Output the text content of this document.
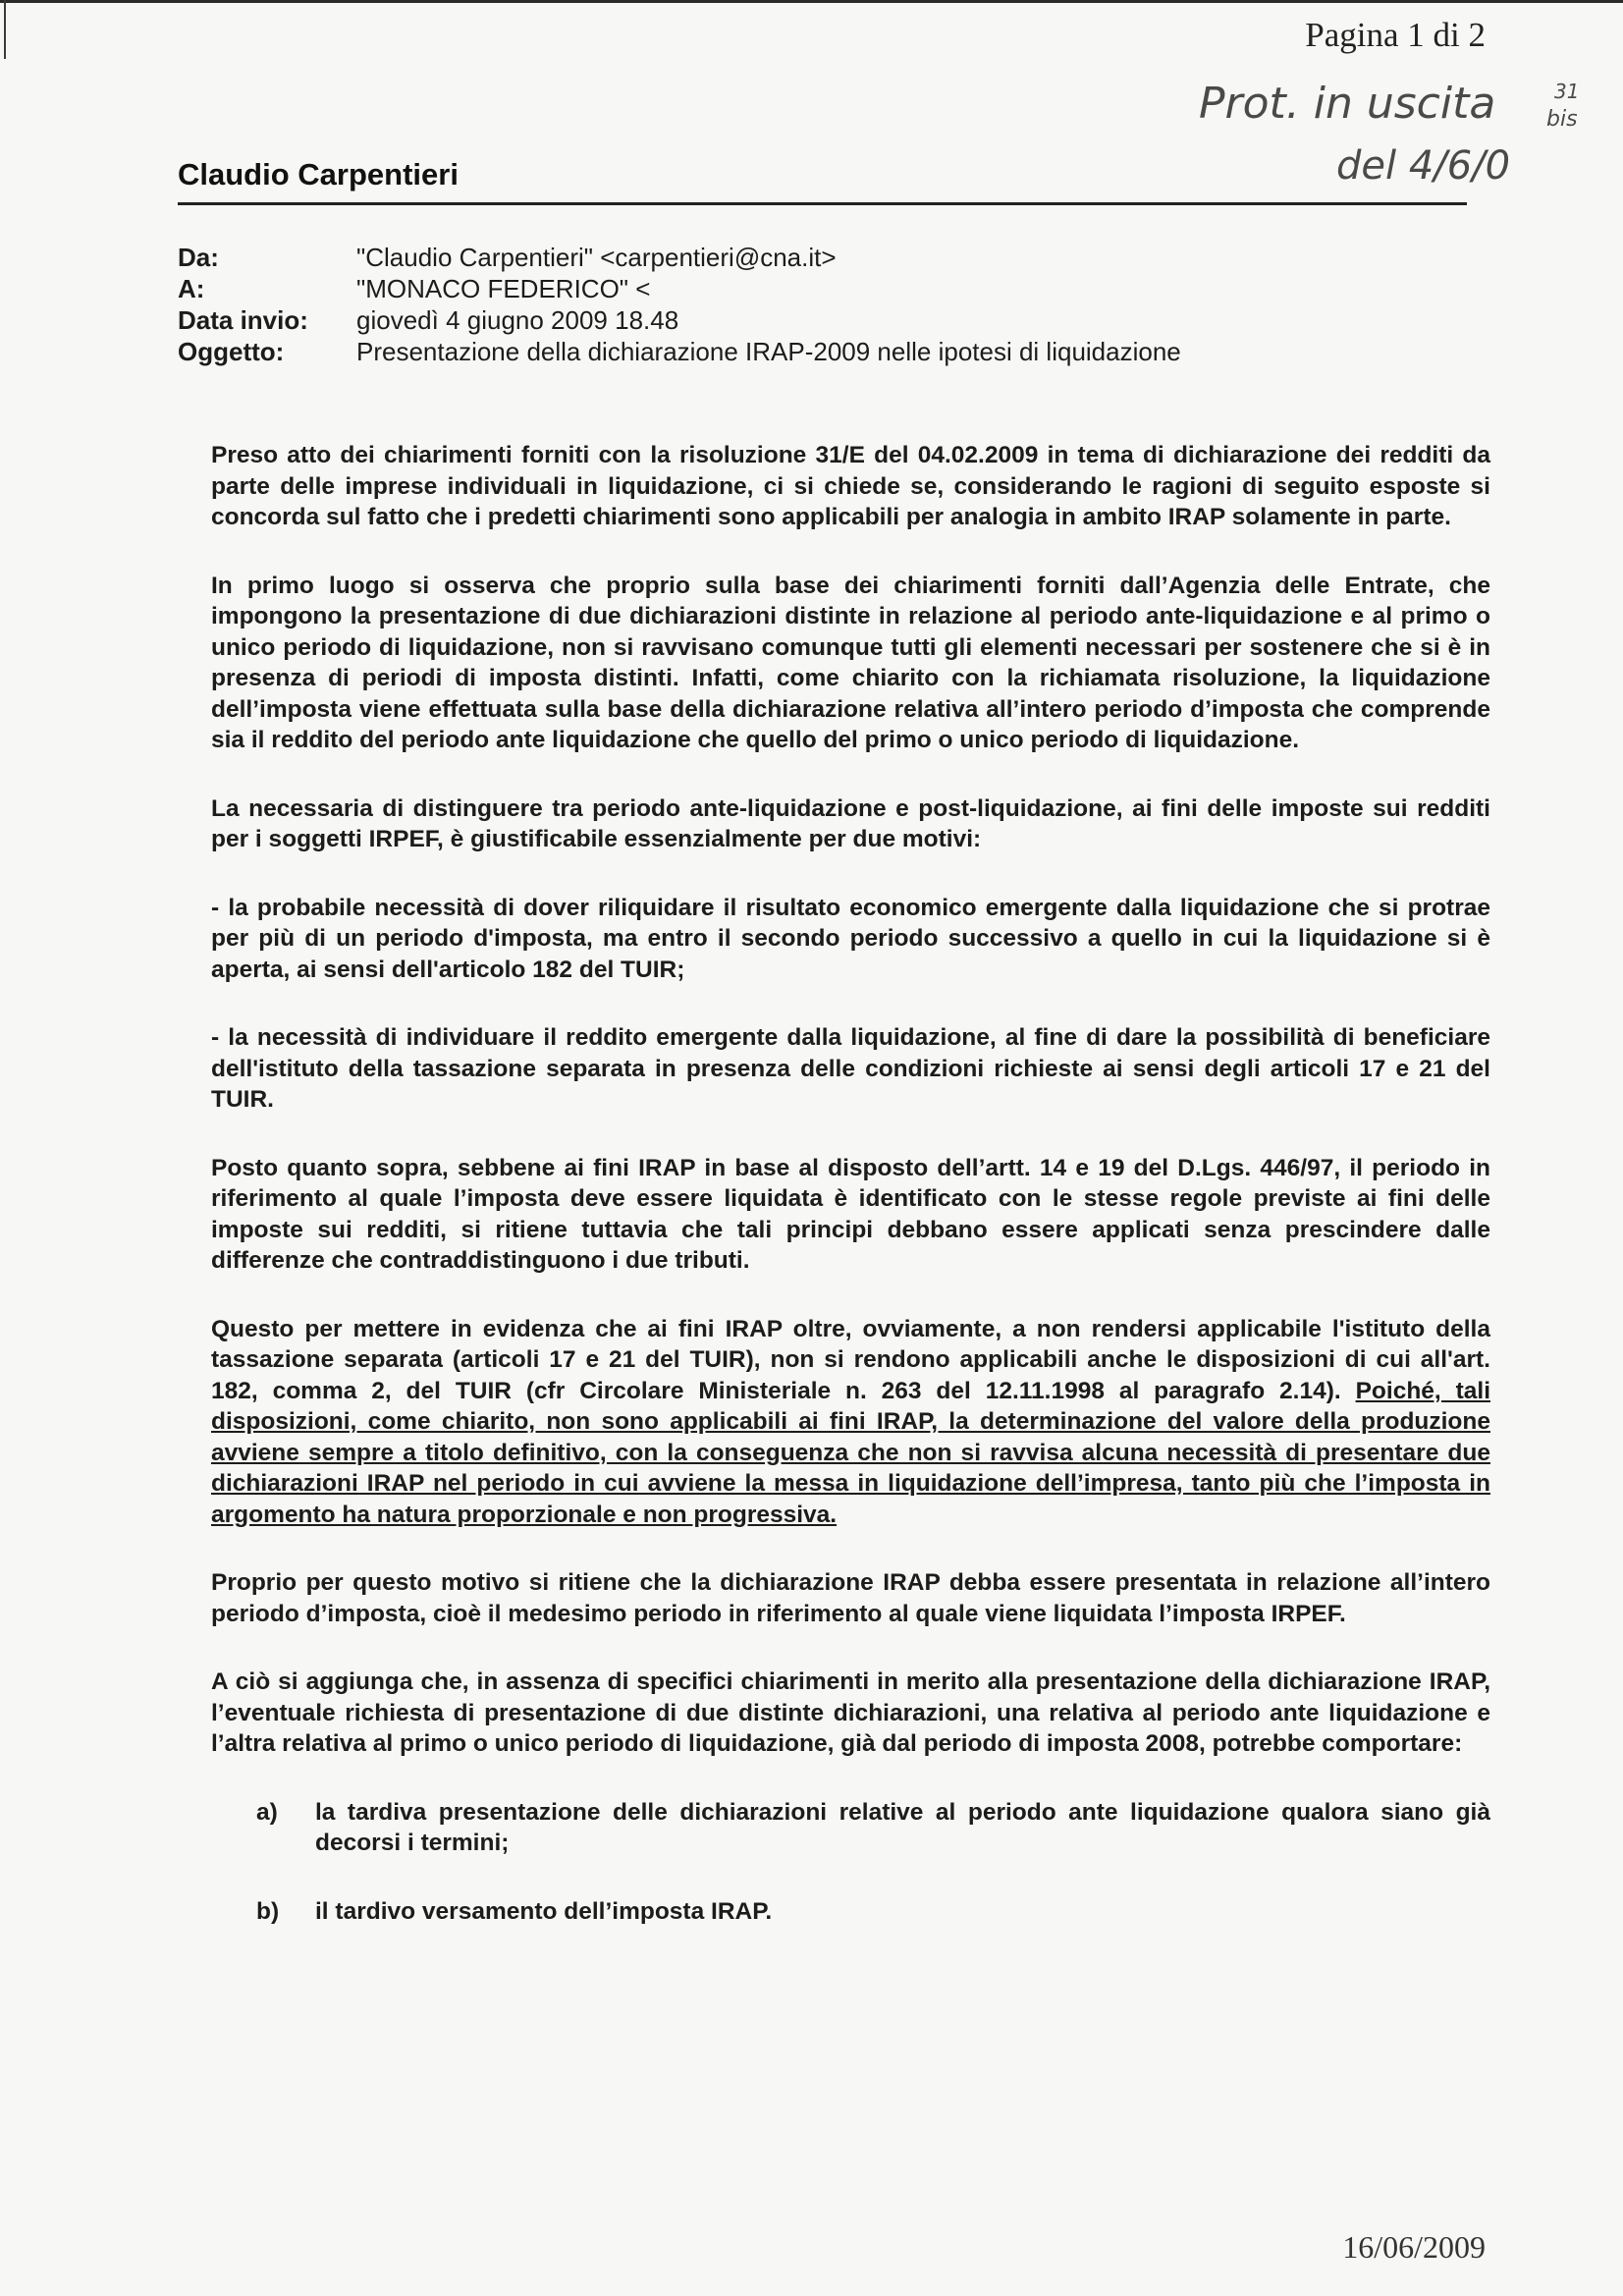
Pagina 1 di 2
Prot. in uscita	31
bis
del 4/6/0
Claudio Carpentieri
Da:	"Claudio Carpentieri" <carpentieri@cna.it>
A:	"MONACO FEDERICO" <
Data invio:	giovedì 4 giugno 2009 18.48
Oggetto:	Presentazione della dichiarazione IRAP-2009 nelle ipotesi di liquidazione

Preso atto dei chiarimenti forniti con la risoluzione 31/E del 04.02.2009 in tema di dichiarazione dei redditi da parte delle imprese individuali in liquidazione, ci si chiede se, considerando le ragioni di seguito esposte si concorda sul fatto che i predetti chiarimenti sono applicabili per analogia in ambito IRAP solamente in parte.

In primo luogo si osserva che proprio sulla base dei chiarimenti forniti dall’Agenzia delle Entrate, che impongono la presentazione di due dichiarazioni distinte in relazione al periodo ante-liquidazione e al primo o unico periodo di liquidazione, non si ravvisano comunque tutti gli elementi necessari per sostenere che si è in presenza di periodi di imposta distinti. Infatti, come chiarito con la richiamata risoluzione, la liquidazione dell’imposta viene effettuata sulla base della dichiarazione relativa all’intero periodo d’imposta che comprende sia il reddito del periodo ante liquidazione che quello del primo o unico periodo di liquidazione.

La necessaria di distinguere tra periodo ante-liquidazione e post-liquidazione, ai fini delle imposte sui redditi per i soggetti IRPEF, è giustificabile essenzialmente per due motivi:

- la probabile necessità di dover riliquidare il risultato economico emergente dalla liquidazione che si protrae per più di un periodo d'imposta, ma entro il secondo periodo successivo a quello in cui la liquidazione si è aperta, ai sensi dell'articolo 182 del TUIR;

- la necessità di individuare il reddito emergente dalla liquidazione, al fine di dare la possibilità di beneficiare dell'istituto della tassazione separata in presenza delle condizioni richieste ai sensi degli articoli 17 e 21 del TUIR.

Posto quanto sopra, sebbene ai fini IRAP in base al disposto dell’artt. 14 e 19 del D.Lgs. 446/97, il periodo in riferimento al quale l’imposta deve essere liquidata è identificato con le stesse regole previste ai fini delle imposte sui redditi, si ritiene tuttavia che tali principi debbano essere applicati senza prescindere dalle differenze che contraddistinguono i due tributi.

Questo per mettere in evidenza che ai fini IRAP oltre, ovviamente, a non rendersi applicabile l'istituto della tassazione separata (articoli 17 e 21 del TUIR), non si rendono applicabili anche le disposizioni di cui all'art. 182, comma 2, del TUIR (cfr Circolare Ministeriale n. 263 del 12.11.1998 al paragrafo 2.14). Poiché, tali disposizioni, come chiarito, non sono applicabili ai fini IRAP, la determinazione del valore della produzione avviene sempre a titolo definitivo, con la conseguenza che non si ravvisa alcuna necessità di presentare due dichiarazioni IRAP nel periodo in cui avviene la messa in liquidazione dell’impresa, tanto più che l’imposta in argomento ha natura proporzionale e non progressiva.

Proprio per questo motivo si ritiene che la dichiarazione IRAP debba essere presentata in relazione all’intero periodo d’imposta, cioè il medesimo periodo in riferimento al quale viene liquidata l’imposta IRPEF.

A ciò si aggiunga che, in assenza di specifici chiarimenti in merito alla presentazione della dichiarazione IRAP, l’eventuale richiesta di presentazione di due distinte dichiarazioni, una relativa al periodo ante liquidazione e l’altra relativa al primo o unico periodo di liquidazione, già dal periodo di imposta 2008, potrebbe comportare:

a)	la tardiva presentazione delle dichiarazioni relative al periodo ante liquidazione qualora siano già decorsi i termini;
b)	il tardivo versamento dell’imposta IRAP.
16/06/2009
